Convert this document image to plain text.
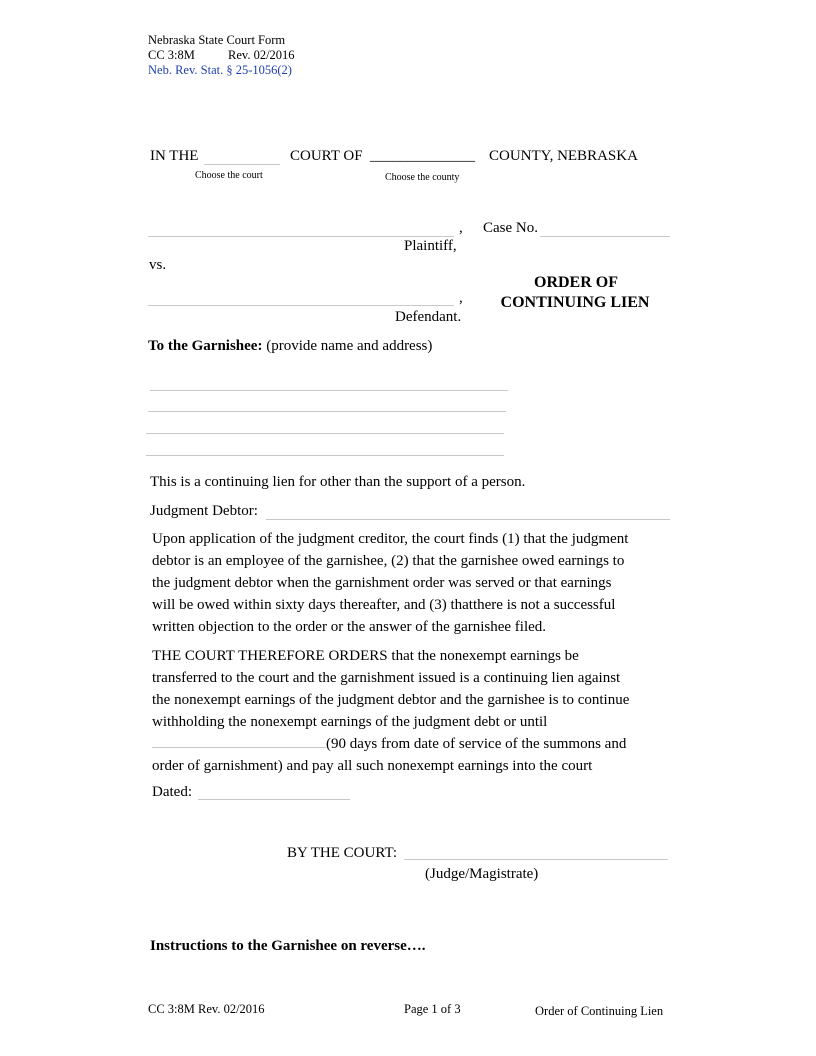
Nebraska State Court Form
CC 3:8M	Rev. 02/2016
Neb. Rev. Stat. § 25-1056(2)
IN THE	COURT OF ______________ COUNTY, NEBRASKA
Choose the court	Choose the county
,
Plaintiff,
Case No.
vs.
,
Defendant.
ORDER OF
CONTINUING LIEN
To the Garnishee: (provide name and address)
This is a continuing lien for other than the support of a person.
Judgment Debtor:
Upon application of the judgment creditor, the court finds (1) that the judgment
debtor is an employee of the garnishee, (2) that the garnishee owed earnings to
the judgment debtor when the garnishment order was served or that earnings
will be owed within sixty days thereafter, and (3) thatthere is not a successful
written objection to the order or the answer of the garnishee filed.
THE COURT THEREFORE ORDERS that the nonexempt earnings be
transferred to the court and the garnishment issued is a continuing lien against
the nonexempt earnings of the judgment debtor and the garnishee is to continue
withholding the nonexempt earnings of the judgment debt or until
(90 days from date of service of the summons and
order of garnishment) and pay all such nonexempt earnings into the court
Dated:
BY THE COURT:
(Judge/Magistrate)
Instructions to the Garnishee on reverse….
CC 3:8M Rev. 02/2016	Page 1 of 3	Order of Continuing Lien
